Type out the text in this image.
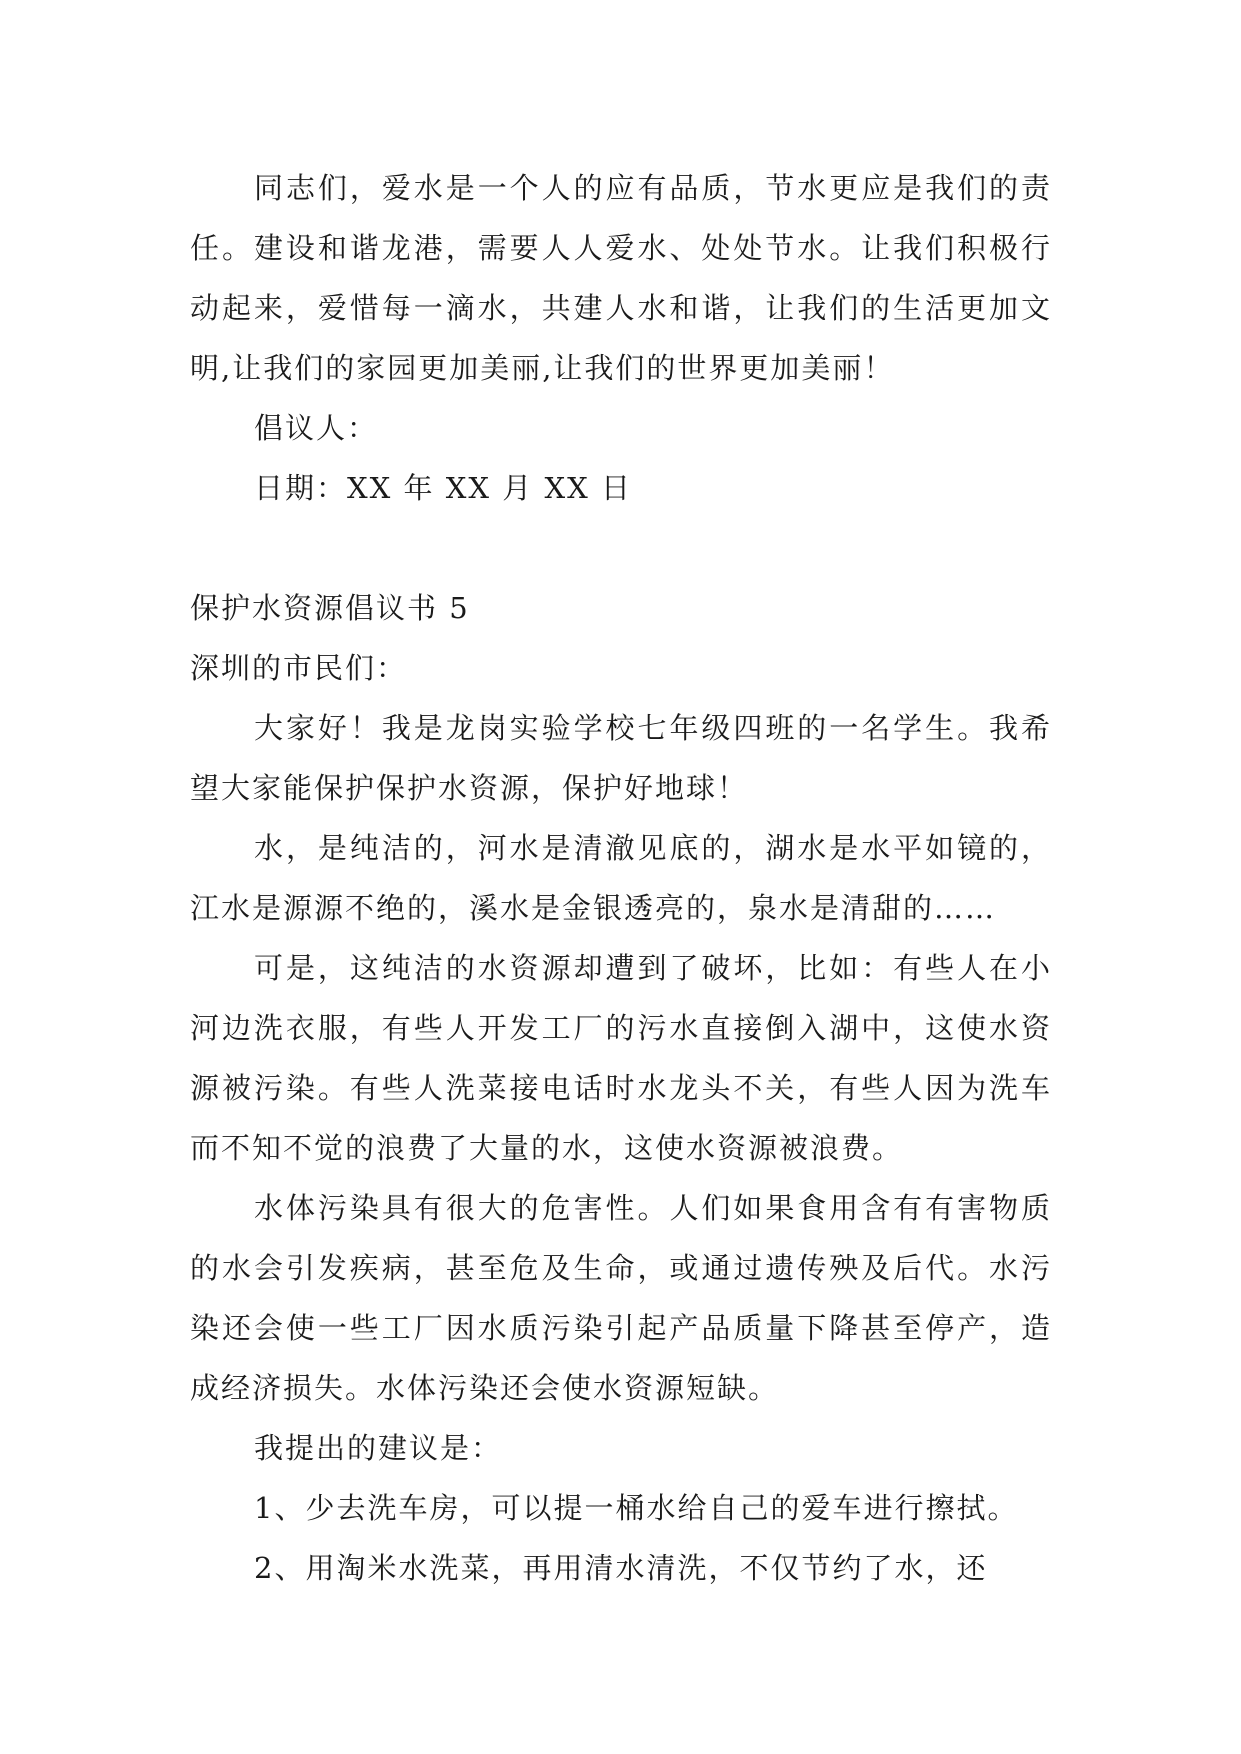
同志们，爱水是一个人的应有品质，节水更应是我们的责任。建设和谐龙港，需要人人爱水、处处节水。让我们积极行动起来，爱惜每一滴水，共建人水和谐，让我们的生活更加文明,让我们的家园更加美丽,让我们的世界更加美丽！

倡议人：

日期：XX 年 XX 月 XX 日

保护水资源倡议书 5

深圳的市民们：

大家好！我是龙岗实验学校七年级四班的一名学生。我希望大家能保护保护水资源，保护好地球！

水，是纯洁的，河水是清澈见底的，湖水是水平如镜的，江水是源源不绝的，溪水是金银透亮的，泉水是清甜的……

可是，这纯洁的水资源却遭到了破坏，比如：有些人在小河边洗衣服，有些人开发工厂的污水直接倒入湖中，这使水资源被污染。有些人洗菜接电话时水龙头不关，有些人因为洗车而不知不觉的浪费了大量的水，这使水资源被浪费。

水体污染具有很大的危害性。人们如果食用含有有害物质的水会引发疾病，甚至危及生命，或通过遗传殃及后代。水污染还会使一些工厂因水质污染引起产品质量下降甚至停产，造成经济损失。水体污染还会使水资源短缺。

我提出的建议是：

1、少去洗车房，可以提一桶水给自己的爱车进行擦拭。

2、用淘米水洗菜，再用清水清洗，不仅节约了水，还
